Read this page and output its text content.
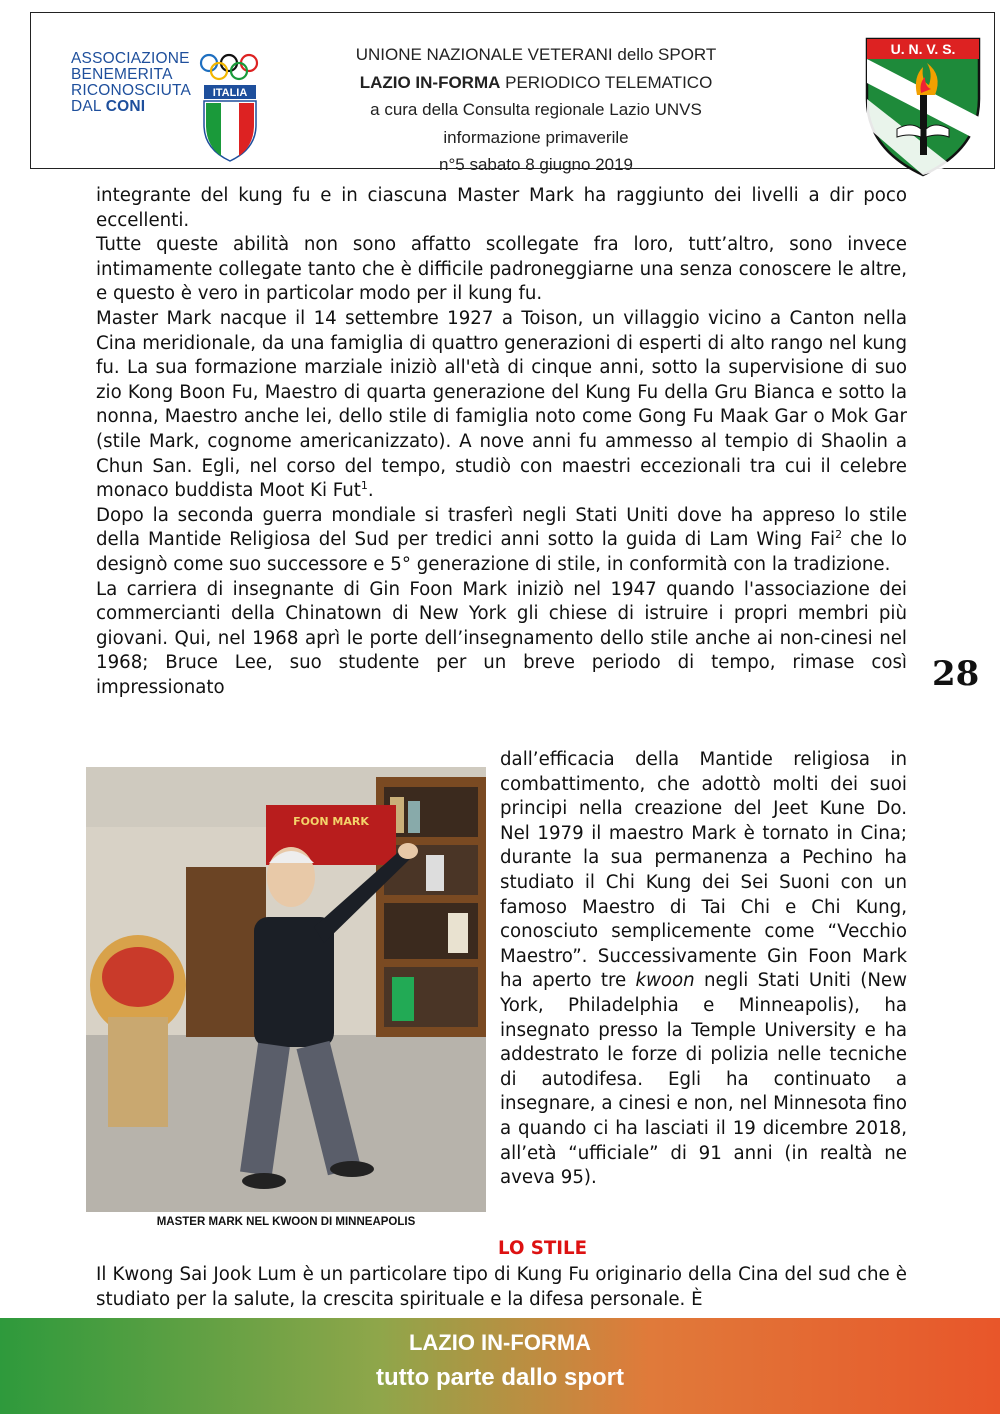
ASSOCIAZIONE
BENEMERITA
RICONOSCIUTA
DAL CONI
ITALIA
UNIONE NAZIONALE VETERANI dello SPORT
LAZIO IN-FORMA PERIODICO TELEMATICO
a cura della Consulta regionale Lazio UNVS
informazione primaverile
n°5 sabato 8 giugno 2019
U. N. V. S.

integrante del kung fu e in ciascuna Master Mark ha raggiunto dei livelli a dir poco eccellenti.

Tutte queste abilità non sono affatto scollegate fra loro, tutt’altro, sono invece intimamente collegate tanto che è difficile padroneggiarne una senza conoscere le altre, e questo è vero in particolar modo per il kung fu.

Master Mark nacque il 14 settembre 1927 a Toison, un villaggio vicino a Canton nella Cina meridionale, da una famiglia di quattro generazioni di esperti di alto rango nel kung fu. La sua formazione marziale iniziò all'età di cinque anni, sotto la supervisione di suo zio Kong Boon Fu, Maestro di quarta generazione del Kung Fu della Gru Bianca e sotto la nonna, Maestro anche lei, dello stile di famiglia noto come Gong Fu Maak Gar o Mok Gar (stile Mark, cognome americanizzato). A nove anni fu ammesso al tempio di Shaolin a Chun San. Egli, nel corso del tempo, studiò con maestri eccezionali tra cui il celebre monaco buddista Moot Ki Fut$^1$.

Dopo la seconda guerra mondiale si trasferì negli Stati Uniti dove ha appreso lo stile della Mantide Religiosa del Sud per tredici anni sotto la guida di Lam Wing Fai$^2$ che lo designò come suo successore e 5° generazione di stile, in conformità con la tradizione.

La carriera di insegnante di Gin Foon Mark iniziò nel 1947 quando l'associazione dei commercianti della Chinatown di New York gli chiese di istruire i propri membri più giovani. Qui, nel 1968 aprì le porte dell’insegnamento dello stile anche ai non-cinesi nel 1968; Bruce Lee, suo studente per un breve periodo di tempo, rimase così impressionato	28
FOON MARK
MASTER MARK NEL KWOON DI MINNEAPOLIS

dall’efficacia della Mantide religiosa in combattimento, che adottò molti dei suoi principi nella creazione del Jeet Kune Do. Nel 1979 il maestro Mark è tornato in Cina; durante la sua permanenza a Pechino ha studiato il Chi Kung dei Sei Suoni con un famoso Maestro di Tai Chi e Chi Kung, conosciuto semplicemente come “Vecchio Maestro”. Successivamente Gin Foon Mark ha aperto tre kwoon negli Stati Uniti (New York, Philadelphia e Minneapolis), ha insegnato presso la Temple University e ha addestrato le forze di polizia nelle tecniche di autodifesa. Egli ha continuato a insegnare, a cinesi e non, nel Minnesota fino a quando ci ha lasciati il 19 dicembre 2018, all’età “ufficiale” di 91 anni (in realtà ne aveva 95).

LO STILE

Il Kwong Sai Jook Lum è un particolare tipo di Kung Fu originario della Cina del sud che è studiato per la salute, la crescita spirituale e la difesa personale. È

LAZIO IN-FORMA
tutto parte dallo sport
